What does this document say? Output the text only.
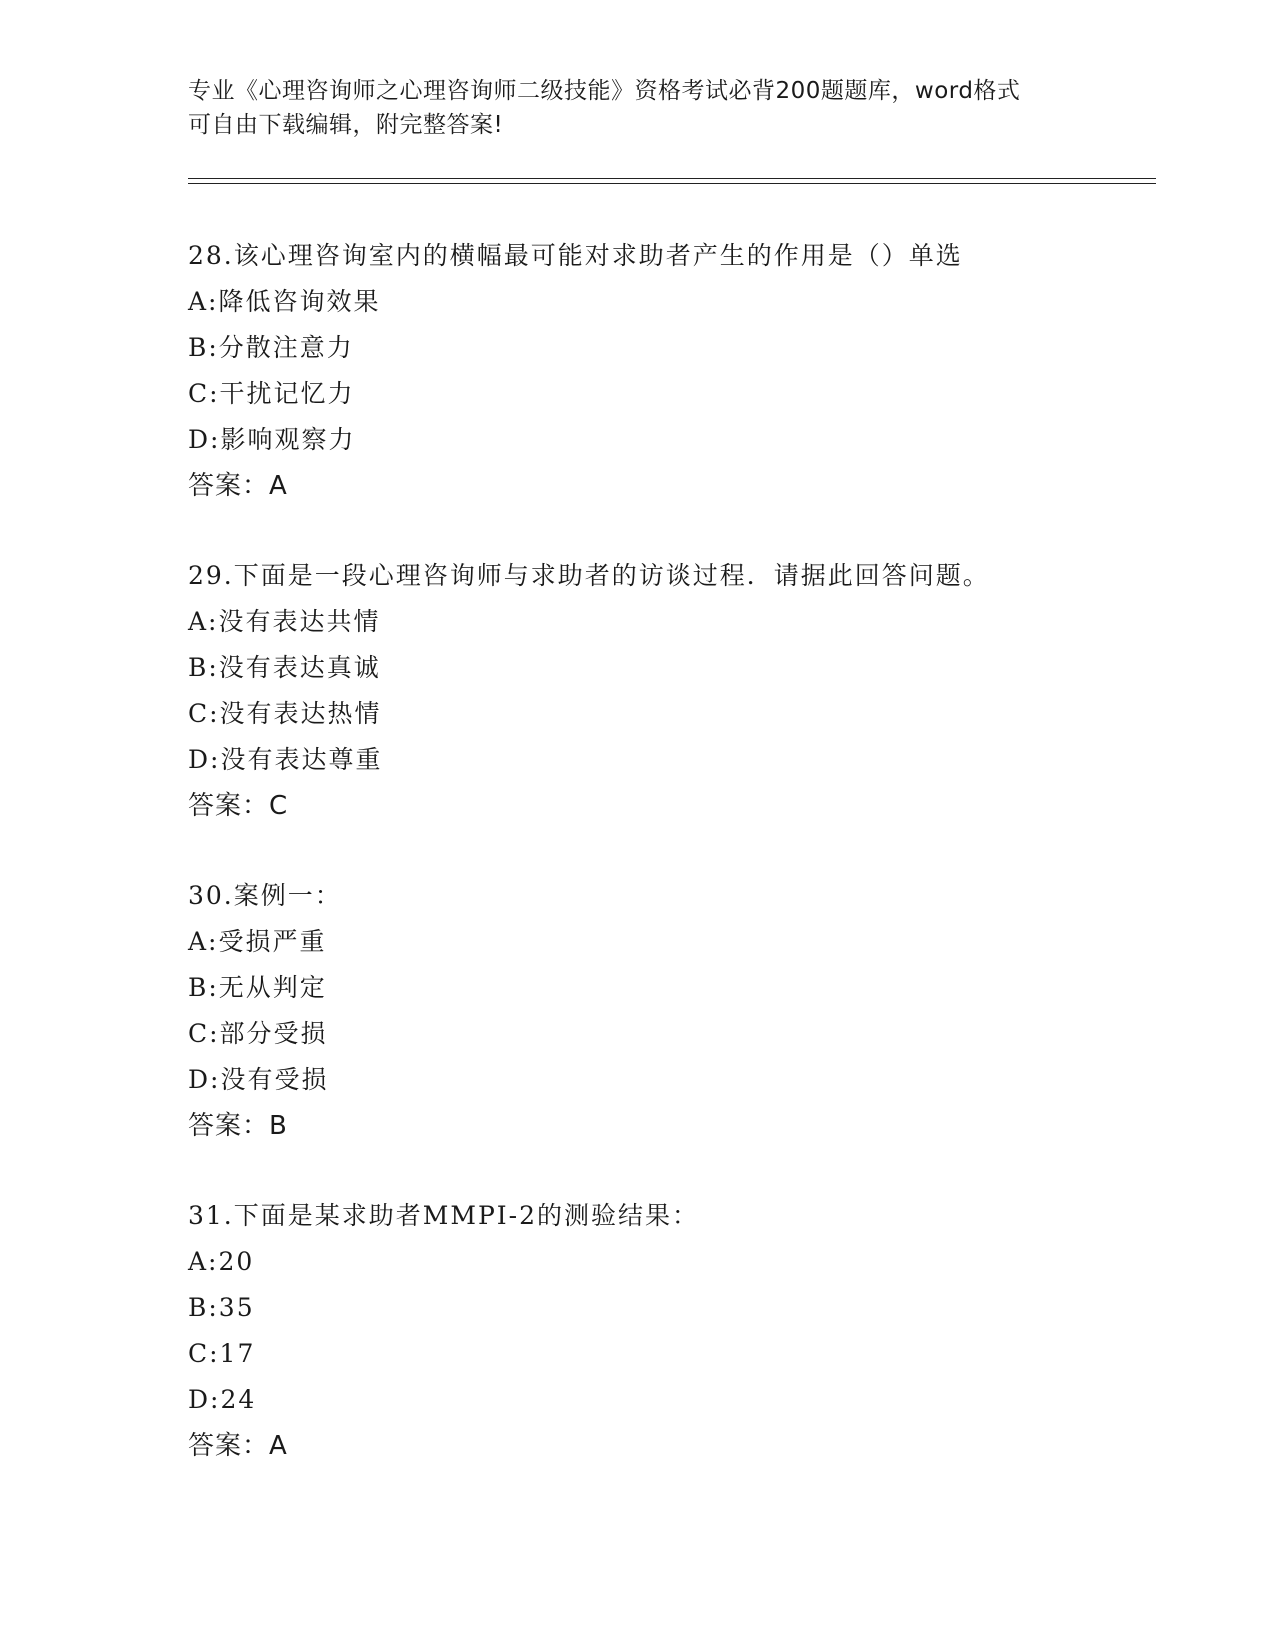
专业《心理咨询师之心理咨询师二级技能》资格考试必背200题题库，word格式

可自由下载编辑，附完整答案!

28.该心理咨询室内的横幅最可能对求助者产生的作用是（）单选
A:降低咨询效果
B:分散注意力
C:干扰记忆力
D:影响观察力
答案：A
29.下面是一段心理咨询师与求助者的访谈过程．请据此回答问题。
A:没有表达共情
B:没有表达真诚
C:没有表达热情
D:没有表达尊重
答案：C
30.案例一：
A:受损严重
B:无从判定
C:部分受损
D:没有受损
答案：B
31.下面是某求助者MMPI-2的测验结果：
A:20
B:35
C:17
D:24
答案：A
